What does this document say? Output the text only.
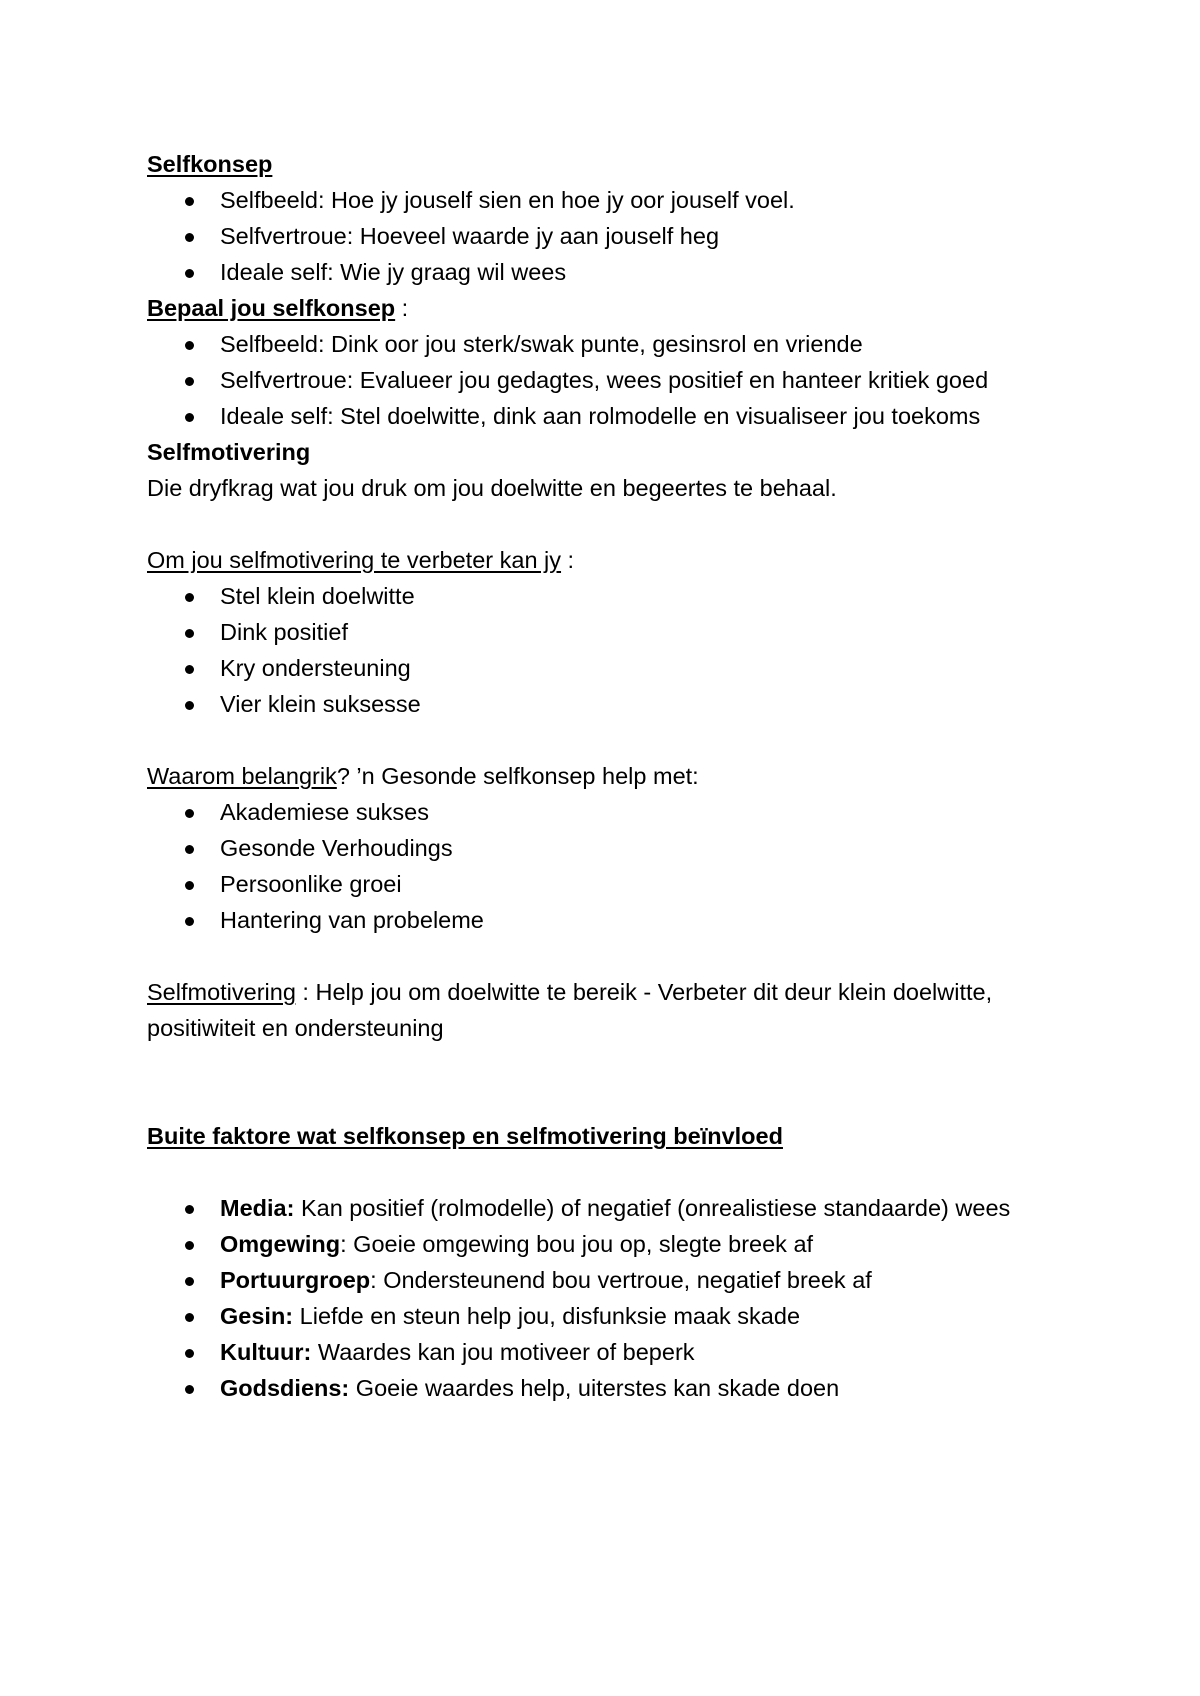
Selfkonsep
Selfbeeld: Hoe jy jouself sien en hoe jy oor jouself voel.
Selfvertroue: Hoeveel waarde jy aan jouself heg
Ideale self: Wie jy graag wil wees
Bepaal jou selfkonsep :
Selfbeeld: Dink oor jou sterk/swak punte, gesinsrol en vriende
Selfvertroue: Evalueer jou gedagtes, wees positief en hanteer kritiek goed
Ideale self: Stel doelwitte, dink aan rolmodelle en visualiseer jou toekoms
Selfmotivering
Die dryfkrag wat jou druk om jou doelwitte en begeertes te behaal.
Om jou selfmotivering te verbeter kan jy :
Stel klein doelwitte
Dink positief
Kry ondersteuning
Vier klein suksesse
Waarom belangrik? ’n Gesonde selfkonsep help met:
Akademiese sukses
Gesonde Verhoudings
Persoonlike groei
Hantering van probeleme
Selfmotivering : Help jou om doelwitte te bereik - Verbeter dit deur klein doelwitte, positiwiteit en ondersteuning
Buite faktore wat selfkonsep en selfmotivering beïnvloed
Media: Kan positief (rolmodelle) of negatief (onrealistiese standaarde) wees
Omgewing: Goeie omgewing bou jou op, slegte breek af
Portuurgroep: Ondersteunend bou vertroue, negatief breek af
Gesin: Liefde en steun help jou, disfunksie maak skade
Kultuur: Waardes kan jou motiveer of beperk
Godsdiens: Goeie waardes help, uiterstes kan skade doen
